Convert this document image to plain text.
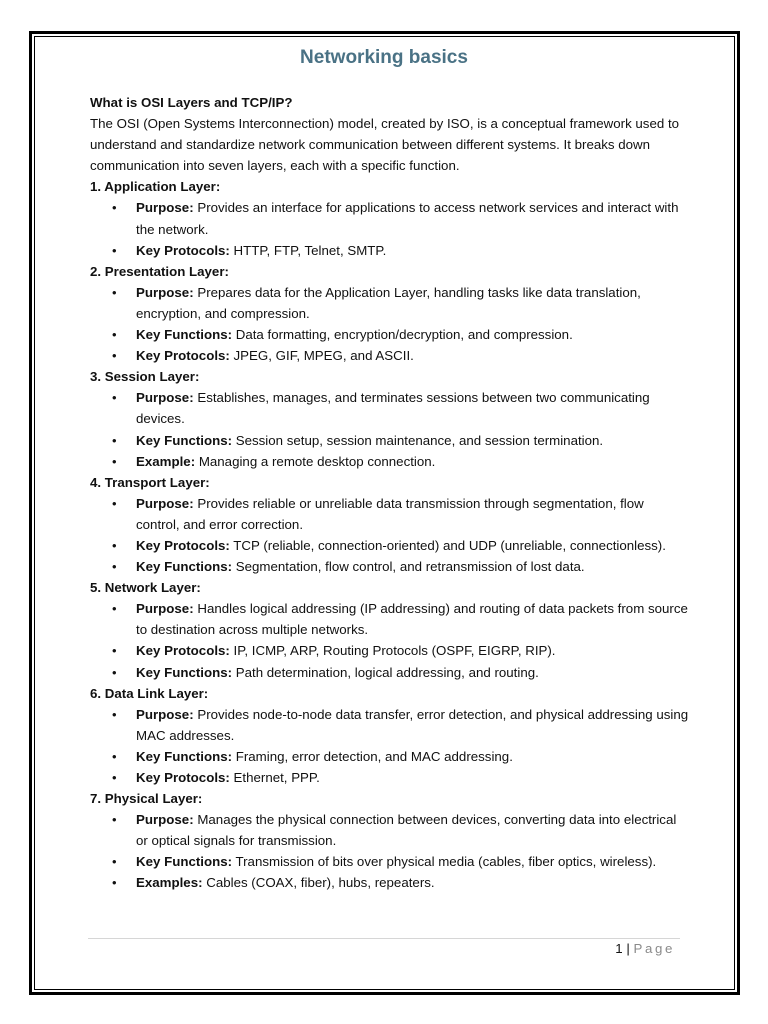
Networking basics

What is OSI Layers and TCP/IP?

The OSI (Open Systems Interconnection) model, created by ISO, is a conceptual framework used to understand and standardize network communication between different systems. It breaks down communication into seven layers, each with a specific function.

1. Application Layer:

• Purpose: Provides an interface for applications to access network services and interact with the network.
• Key Protocols: HTTP, FTP, Telnet, SMTP.

2. Presentation Layer:

• Purpose: Prepares data for the Application Layer, handling tasks like data translation, encryption, and compression.
• Key Functions: Data formatting, encryption/decryption, and compression.
• Key Protocols: JPEG, GIF, MPEG, and ASCII.

3. Session Layer:

• Purpose: Establishes, manages, and terminates sessions between two communicating devices.
• Key Functions: Session setup, session maintenance, and session termination.
• Example: Managing a remote desktop connection.

4. Transport Layer:

• Purpose: Provides reliable or unreliable data transmission through segmentation, flow control, and error correction.
• Key Protocols: TCP (reliable, connection-oriented) and UDP (unreliable, connectionless).
• Key Functions: Segmentation, flow control, and retransmission of lost data.

5. Network Layer:

• Purpose: Handles logical addressing (IP addressing) and routing of data packets from source to destination across multiple networks.
• Key Protocols: IP, ICMP, ARP, Routing Protocols (OSPF, EIGRP, RIP).
• Key Functions: Path determination, logical addressing, and routing.

6. Data Link Layer:

• Purpose: Provides node-to-node data transfer, error detection, and physical addressing using MAC addresses.
• Key Functions: Framing, error detection, and MAC addressing.
• Key Protocols: Ethernet, PPP.

7. Physical Layer:

• Purpose: Manages the physical connection between devices, converting data into electrical or optical signals for transmission.
• Key Functions: Transmission of bits over physical media (cables, fiber optics, wireless).
• Examples: Cables (COAX, fiber), hubs, repeaters.
1 | Page
